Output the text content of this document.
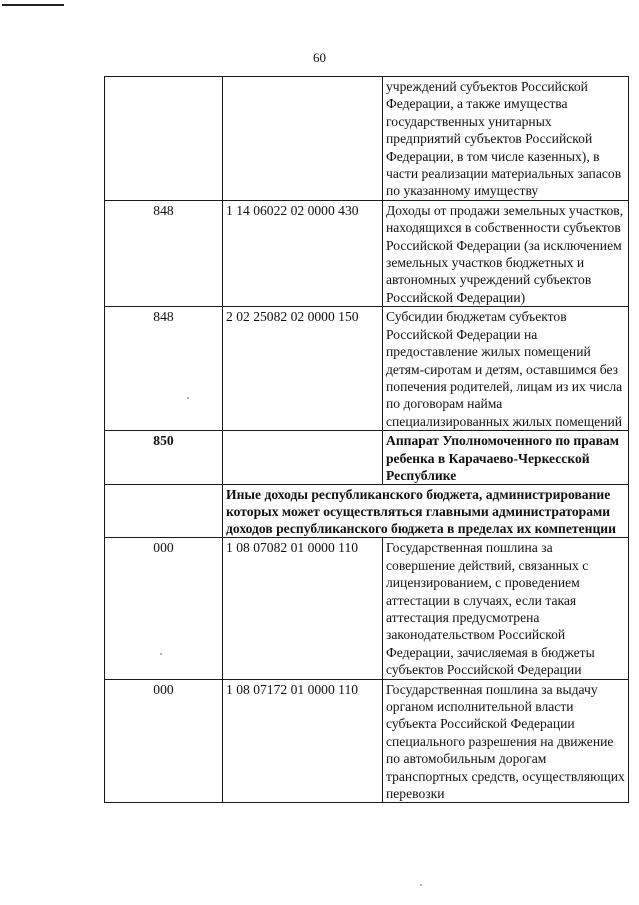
60
		учреждений субъектов Российской Федерации, а также имущества государственных унитарных предприятий субъектов Российской Федерации, в том числе казенных), в части реализации материальных запасов по указанному имуществу
848	1 14 06022 02 0000 430	Доходы от продажи земельных участков, находящихся в собственности субъектов Российской Федерации (за исключением земельных участков бюджетных и автономных учреждений субъектов Российской Федерации)
848	2 02 25082 02 0000 150	Субсидии бюджетам субъектов Российской Федерации на предоставление жилых помещений детям-сиротам и детям, оставшимся без попечения родителей, лицам из их числа по договорам найма специализированных жилых помещений
850		Аппарат Уполномоченного по правам ребенка в Карачаево-Черкесской Республике
	Иные доходы республиканского бюджета, администрирование которых может осуществляться главными администраторами доходов республиканского бюджета в пределах их компетенции	
000	1 08 07082 01 0000 110	Государственная пошлина за совершение действий, связанных с лицензированием, с проведением аттестации в случаях, если такая аттестация предусмотрена законодательством Российской Федерации, зачисляемая в бюджеты субъектов Российской Федерации
000	1 08 07172 01 0000 110	Государственная пошлина за выдачу органом исполнительной власти субъекта Российской Федерации специального разрешения на движение по автомобильным дорогам транспортных средств, осуществляющих перевозки
